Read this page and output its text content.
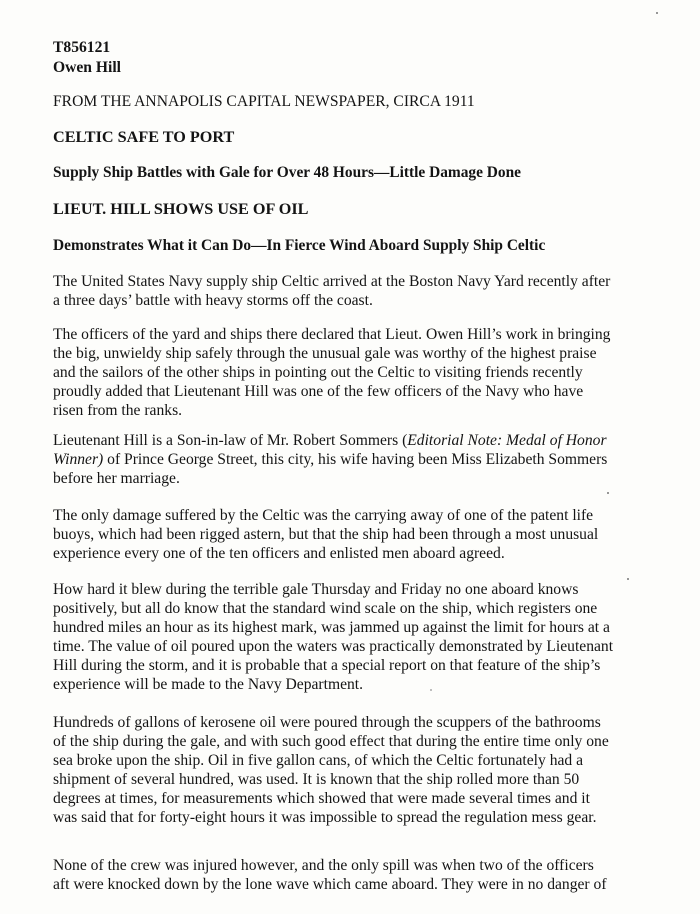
T856121
Owen Hill
FROM THE ANNAPOLIS CAPITAL NEWSPAPER, CIRCA 1911
CELTIC SAFE TO PORT
Supply Ship Battles with Gale for Over 48 Hours—Little Damage Done
LIEUT. HILL SHOWS USE OF OIL
Demonstrates What it Can Do—In Fierce Wind Aboard Supply Ship Celtic
The United States Navy supply ship Celtic arrived at the Boston Navy Yard recently after
a three days’ battle with heavy storms off the coast.
The officers of the yard and ships there declared that Lieut. Owen Hill’s work in bringing
the big, unwieldy ship safely through the unusual gale was worthy of the highest praise
and the sailors of the other ships in pointing out the Celtic to visiting friends recently
proudly added that Lieutenant Hill was one of the few officers of the Navy who have
risen from the ranks.
Lieutenant Hill is a Son-in-law of Mr. Robert Sommers (Editorial Note: Medal of Honor
Winner) of Prince George Street, this city, his wife having been Miss Elizabeth Sommers
before her marriage.
The only damage suffered by the Celtic was the carrying away of one of the patent life
buoys, which had been rigged astern, but that the ship had been through a most unusual
experience every one of the ten officers and enlisted men aboard agreed.
How hard it blew during the terrible gale Thursday and Friday no one aboard knows
positively, but all do know that the standard wind scale on the ship, which registers one
hundred miles an hour as its highest mark, was jammed up against the limit for hours at a
time. The value of oil poured upon the waters was practically demonstrated by Lieutenant
Hill during the storm, and it is probable that a special report on that feature of the ship’s
experience will be made to the Navy Department.
Hundreds of gallons of kerosene oil were poured through the scuppers of the bathrooms
of the ship during the gale, and with such good effect that during the entire time only one
sea broke upon the ship. Oil in five gallon cans, of which the Celtic fortunately had a
shipment of several hundred, was used. It is known that the ship rolled more than 50
degrees at times, for measurements which showed that were made several times and it
was said that for forty-eight hours it was impossible to spread the regulation mess gear.
None of the crew was injured however, and the only spill was when two of the officers
aft were knocked down by the lone wave which came aboard. They were in no danger of
